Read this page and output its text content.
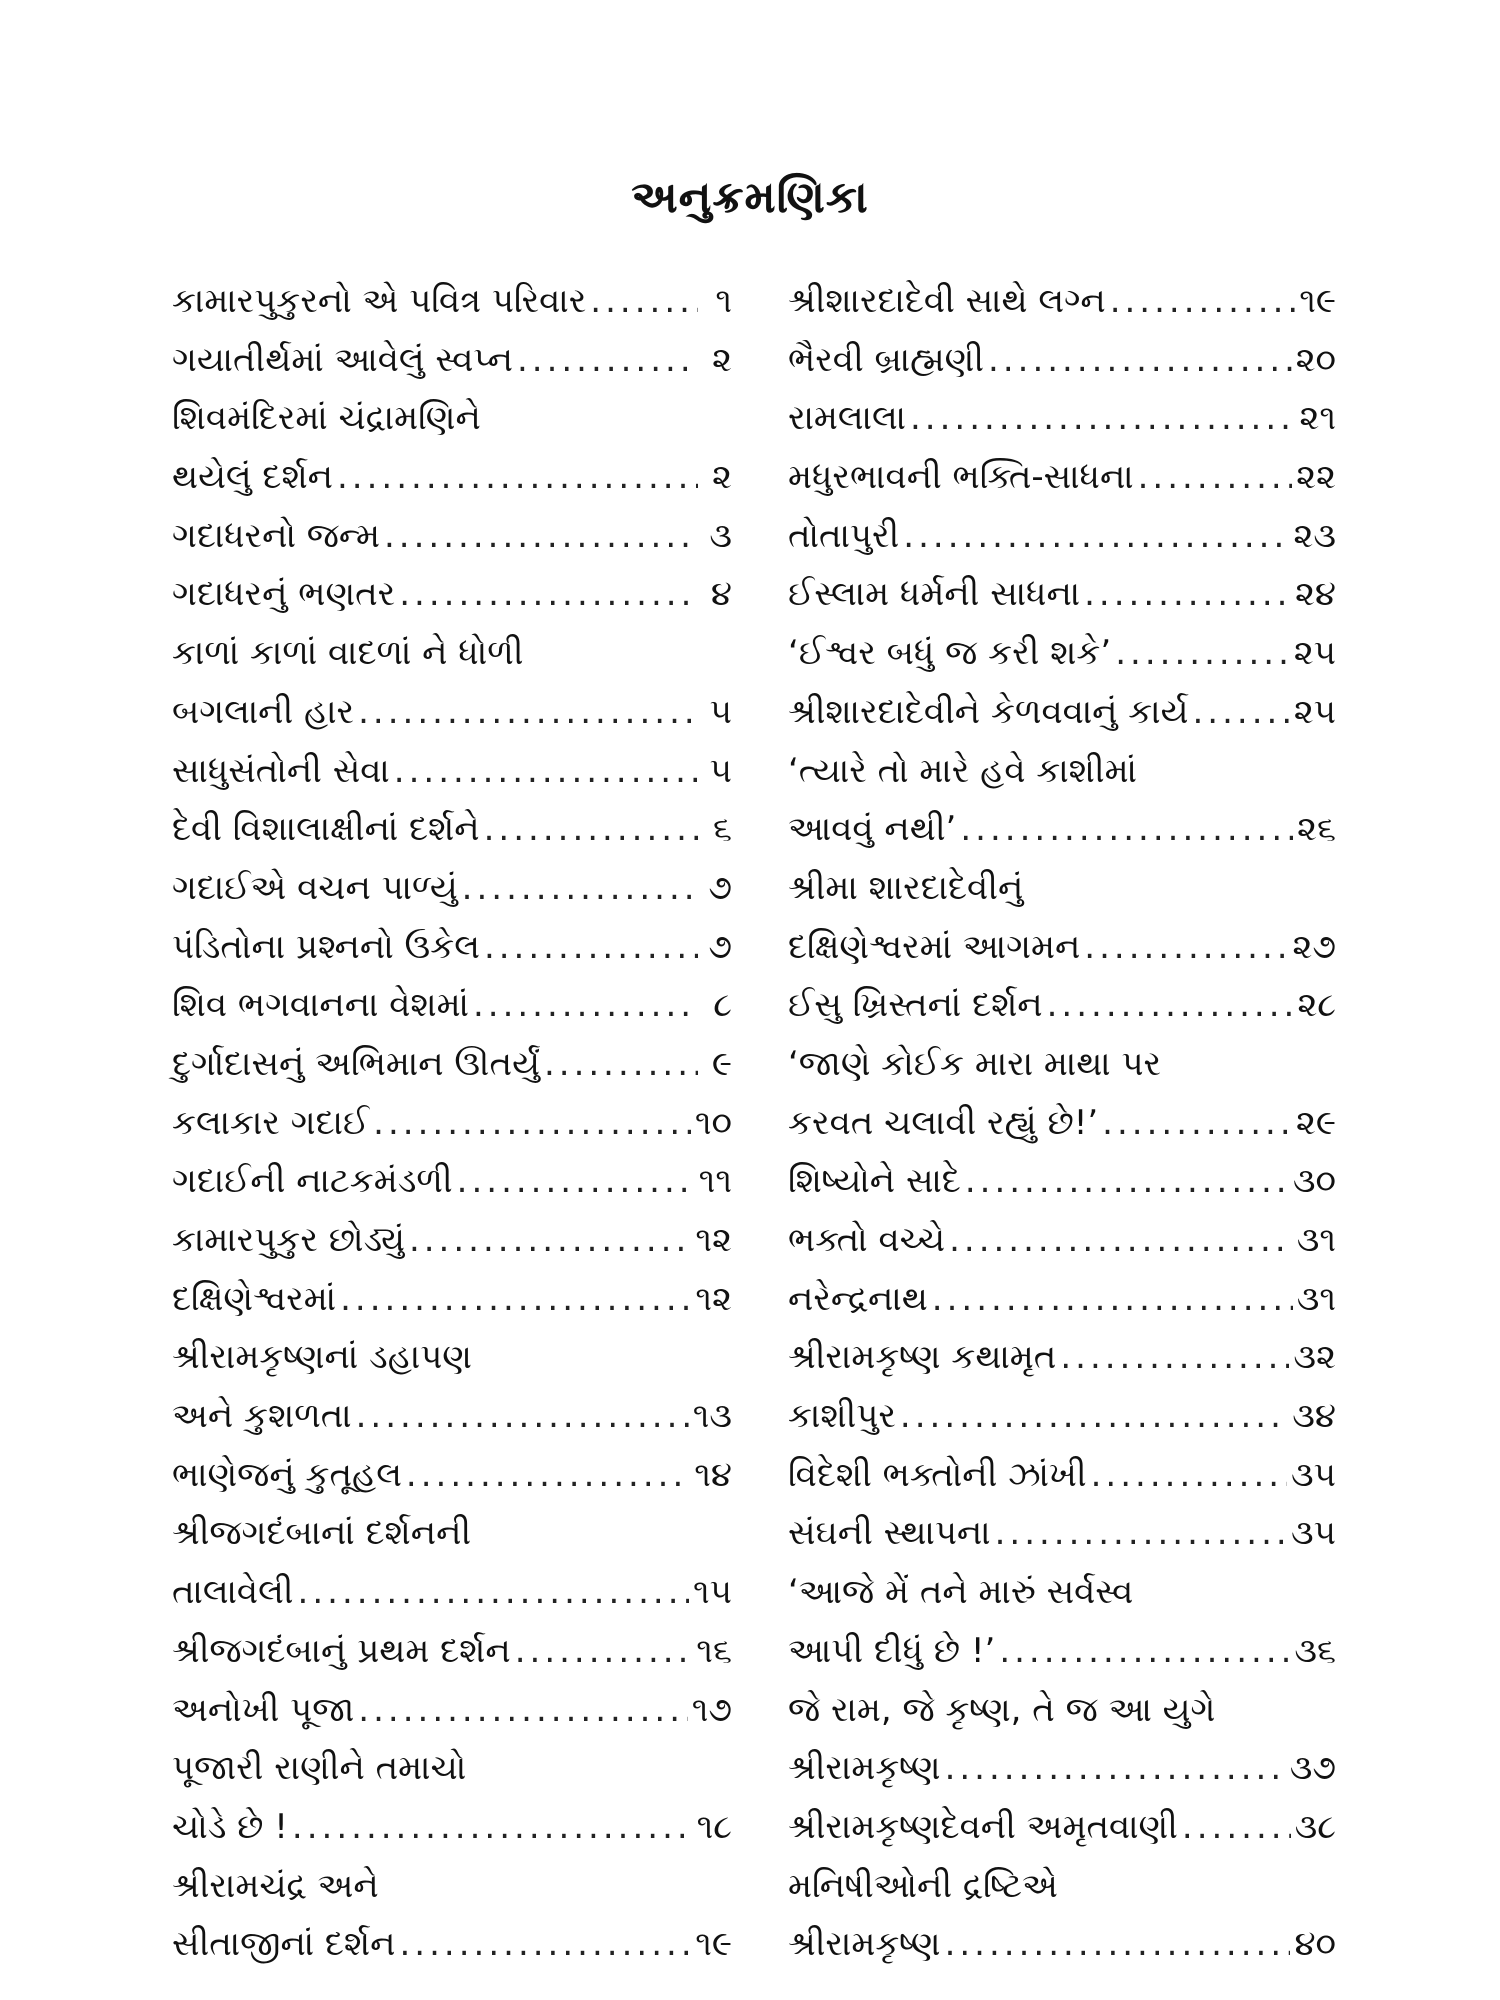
અનુક્રમણિકા
કામારપુકુરનો એ પવિત્ર પરિવાર .....	૧
ગયાતીર્થમાં આવેલું સ્વપ્ન .....	૨
શિવમંદિરમાં ચંદ્રામણિને
થયેલું દર્શન .....	૨
ગદાધરનો જન્મ .....	૩
ગદાધરનું ભણતર .....	૪
કાળાં કાળાં વાદળાં ને ધોળી
બગલાની હાર .....	૫
સાધુસંતોની સેવા .....	૫
દેવી વિશાલાક્ષીનાં દર્શને .....	૬
ગદાઈએ વચન પાળ્યું .....	૭
પંડિતોના પ્રશ્નનો ઉકેલ .....	૭
શિવ ભગવાનના વેશમાં .....	૮
દુર્ગાદાસનું અભિમાન ઊતર્યું .....	૯
કલાકાર ગદાઈ .....	૧૦
ગદાઈની નાટકમંડળી .....	૧૧
કામારપુકુર છોડ્યું .....	૧૨
દક્ષિણેશ્વરમાં .....	૧૨
શ્રીરામકૃષ્ણનાં ડહાપણ
અને કુશળતા .....	૧૩
ભાણેજનું કુતૂહલ .....	૧૪
શ્રીજગદંબાનાં દર્શનની
તાલાવેલી .....	૧૫
શ્રીજગદંબાનું પ્રથમ દર્શન .....	૧૬
અનોખી પૂજા .....	૧૭
પૂજારી રાણીને તમાચો
ચોડે છે ! .....	૧૮
શ્રીરામચંદ્ર અને
સીતાજીનાં દર્શન .....	૧૯
શ્રીશારદાદેવી સાથે લગ્ન .....	૧૯
ભૈરવી બ્રાહ્મણી .....	૨૦
રામલાલા .....	૨૧
મધુરભાવની ભક્તિ-સાધના .....	૨૨
તોતાપુરી .....	૨૩
ઈસ્લામ ધર્મની સાધના .....	૨૪
‘ઈશ્વર બધું જ કરી શકે’ .....	૨૫
શ્રીશારદાદેવીને કેળવવાનું કાર્ય .....	૨૫
‘ત્યારે તો મારે હવે કાશીમાં
આવવું નથી’ .....	૨૬
શ્રીમા શારદાદેવીનું
દક્ષિણેશ્વરમાં આગમન .....	૨૭
ઈસુ ખ્રિસ્તનાં દર્શન .....	૨૮
‘જાણે કોઈક મારા માથા પર
કરવત ચલાવી રહ્યું છે!’ .....	૨૯
શિષ્યોને સાદે .....	૩૦
ભક્તો વચ્ચે .....	૩૧
નરેન્દ્રનાથ .....	૩૧
શ્રીરામકૃષ્ણ કથામૃત .....	૩૨
કાશીપુર .....	૩૪
વિદેશી ભક્તોની ઝાંખી .....	૩૫
સંઘની સ્થાપના .....	૩૫
‘આજે મેં તને મારું સર્વસ્વ
આપી દીધું છે !’ .....	૩૬
જે રામ, જે કૃષ્ણ, તે જ આ યુગે
શ્રીરામકૃષ્ણ .....	૩૭
શ્રીરામકૃષ્ણદેવની અમૃતવાણી .....	૩૮
મનિષીઓની દ્રષ્ટિએ
શ્રીરામકૃષ્ણ .....	૪૦
